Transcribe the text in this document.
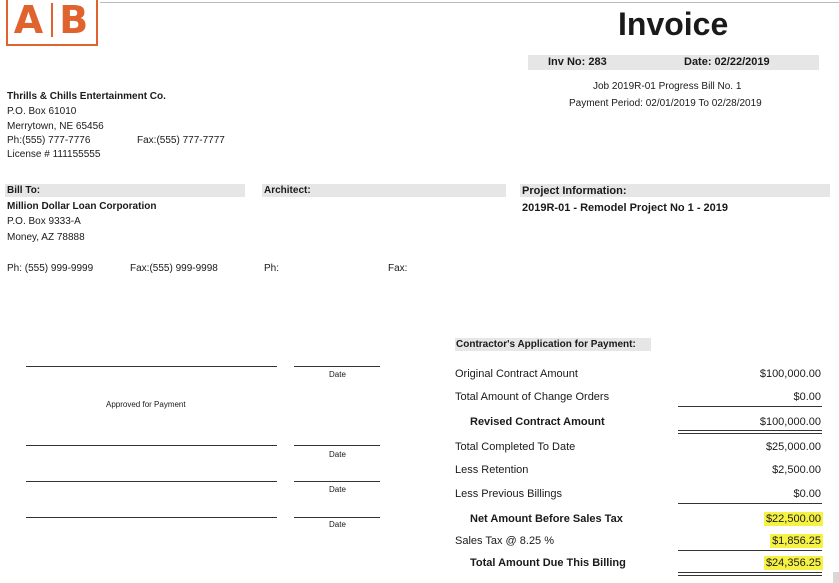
A B	Invoice
Inv No: 283	Date: 02/22/2019
Job 2019R-01 Progress Bill No. 1
Payment Period: 02/01/2019 To 02/28/2019
Thrills & Chills Entertainment Co.
P.O. Box 61010
Merrytown, NE 65456
Ph:(555) 777-7776	Fax:(555) 777-7777
License # 111155555
Bill To:
Million Dollar Loan Corporation
P.O. Box 9333-A
Money, AZ 78888
Ph: (555) 999-9999	Fax:(555) 999-9998
Architect:
Ph:	Fax:
Project Information:
2019R-01 - Remodel Project No 1 - 2019
Date
Approved for Payment
Date
Date
Date
Contractor's Application for Payment:
Original Contract Amount	$100,000.00
Total Amount of Change Orders	$0.00
Revised Contract Amount	$100,000.00
Total Completed To Date	$25,000.00
Less Retention	$2,500.00
Less Previous Billings	$0.00
Net Amount Before Sales Tax	$22,500.00
Sales Tax @ 8.25 %	$1,856.25
Total Amount Due This Billing	$24,356.25
